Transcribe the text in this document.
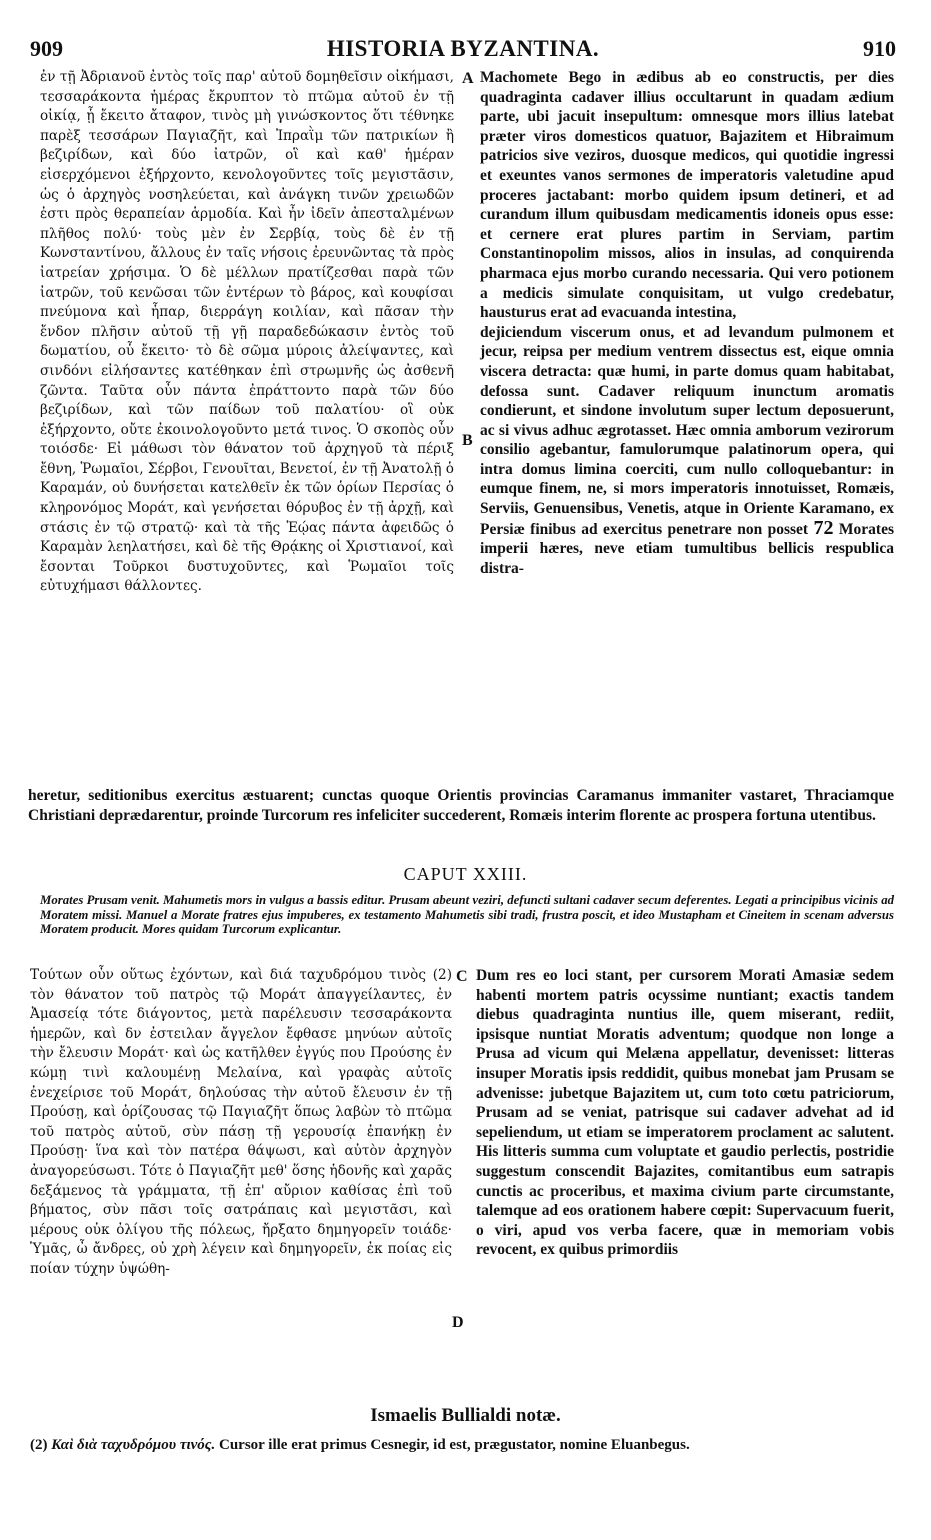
909	HISTORIA BYZANTINA.	910

ἐν τῇ Ἀδριανοῦ ἐντὸς τοῖς παρ' αὐτοῦ δομηθεῖσιν οἰκήμασι, τεσσαράκοντα ἡμέρας ἔκρυπτον τὸ πτῶμα αὐτοῦ ἐν τῇ οἰκίᾳ, ᾗ ἔκειτο ἄταφον, τινὸς μὴ γινώσκοντος ὅτι τέθνηκε παρὲξ τεσσάρων Παγιαζῆτ, καὶ Ἰπραῒμ τῶν πατρικίων ἢ βεζιρίδων, καὶ δύο ἰατρῶν, οἳ καὶ καθ' ἡμέραν εἰσερχόμενοι ἐξήρχοντο, κενολογοῦντες τοῖς μεγιστᾶσιν, ὡς ὁ ἀρχηγὸς νοσηλεύεται, καὶ ἀνάγκη τινῶν χρειωδῶν ἐστι πρὸς θεραπείαν ἁρμοδία. Καὶ ἦν ἰδεῖν ἀπεσταλμένων πλῆθος πολύ· τοὺς μὲν ἐν Σερβίᾳ, τοὺς δὲ ἐν τῇ Κωνσταντίνου, ἄλλους ἐν ταῖς νήσοις ἐρευνῶντας τὰ πρὸς ἰατρείαν χρήσιμα. Ὁ δὲ μέλλων πρατίζεσθαι παρὰ τῶν ἰατρῶν, τοῦ κενῶσαι τῶν ἐντέρων τὸ βάρος, καὶ κουφίσαι πνεύμονα καὶ ἧπαρ, διερράγη κοιλίαν, καὶ πᾶσαν τὴν ἔνδον πλῆσιν αὐτοῦ τῇ γῇ παραδεδώκασιν ἐντὸς τοῦ δωματίου, οὗ ἔκειτο· τὸ δὲ σῶμα μύροις ἀλείψαντες, καὶ σινδόνι εἱλήσαντες κατέθηκαν ἐπὶ στρωμνῆς ὡς ἀσθενῆ ζῶντα. Ταῦτα οὖν πάντα ἐπράττοντο παρὰ τῶν δύο βεζιρίδων, καὶ τῶν παίδων τοῦ παλατίου· οἳ οὐκ ἐξήρχοντο, οὔτε ἐκοινολογοῦντο μετά τινος. Ὁ σκοπὸς οὖν τοιόσδε· Εἰ μάθωσι τὸν θάνατον τοῦ ἀρχηγοῦ τὰ πέριξ ἔθνη, Ῥωμαῖοι, Σέρβοι, Γενουῖται, Βενετοί, ἐν τῇ Ἀνατολῇ ὁ Καραμάν, οὐ δυνήσεται κατελθεῖν ἐκ τῶν ὁρίων Περσίας ὁ κληρονόμος Μοράτ, καὶ γενήσεται θόρυβος ἐν τῇ ἀρχῇ, καὶ στάσις ἐν τῷ στρατῷ· καὶ τὰ τῆς Ἑῴας πάντα ἀφειδῶς ὁ Καραμὰν λεηλατήσει, καὶ δὲ τῆς Θρᾴκης οἱ Χριστιανοί, καὶ ἔσονται Τοῦρκοι δυστυχοῦντες, καὶ Ῥωμαῖοι τοῖς εὐτυχήμασι θάλλοντες.

A
B

Machomete Bego in ædibus ab eo constructis, per dies quadraginta cadaver illius occultarunt in quadam ædium parte, ubi jacuit insepultum: omnesque mors illius latebat præter viros domesticos quatuor, Bajazitem et Hibraimum patricios sive veziros, duosque medicos, qui quotidie ingressi et exeuntes vanos sermones de imperatoris valetudine apud proceres jactabant: morbo quidem ipsum detineri, et ad curandum illum quibusdam medicamentis idoneis opus esse: et cernere erat plures partim in Serviam, partim Constantinopolim missos, alios in insulas, ad conquirenda pharmaca ejus morbo curando necessaria. Qui vero potionem a medicis simulate conquisitam, ut vulgo credebatur, hausturus erat ad evacuanda intestina,

dejiciendum viscerum onus, et ad levandum pulmonem et jecur, reipsa per medium ventrem dissectus est, eique omnia viscera detracta: quæ humi, in parte domus quam habitabat, defossa sunt. Cadaver reliquum inunctum aromatis condierunt, et sindone involutum super lectum deposuerunt, ac si vivus adhuc ægrotasset. Hæc omnia amborum vezirorum consilio agebantur, famulorumque palatinorum opera, qui intra domus limina coerciti, cum nullo colloquebantur: in eumque finem, ne, si mors imperatoris innotuisset, Romæis, Serviis, Genuensibus, Venetis, atque in Oriente Karamano, ex Persiæ finibus ad exercitus penetrare non posset 72 Morates imperii hæres, neve etiam tumultibus bellicis respublica distra-

heretur, seditionibus exercitus æstuarent; cunctas quoque Orientis provincias Caramanus immaniter vastaret, Thraciamque Christiani deprædarentur, proinde Turcorum res infeliciter succederent, Romæis interim florente ac prospera fortuna utentibus.
CAPUT XXIII.
Morates Prusam venit. Mahumetis mors in vulgus a bassis editur. Prusam abeunt veziri, defuncti sultani cadaver secum deferentes. Legati a principibus vicinis ad Moratem missi. Manuel a Morate fratres ejus impuberes, ex testamento Mahumetis sibi tradi, frustra poscit, et ideo Mustapham et Cineitem in scenam adversus Moratem producit. Mores quidam Turcorum explicantur.

Τούτων οὖν οὕτως ἐχόντων, καὶ διά ταχυδρόμου τινὸς (2) τὸν θάνατον τοῦ πατρὸς τῷ Μοράτ ἀπαγγείλαντες, ἐν Ἀμασείᾳ τότε διάγοντος, μετὰ παρέλευσιν τεσσαράκοντα ἡμερῶν, καὶ δν ἐστειλαν ἄγγελον ἔφθασε μηνύων αὐτοῖς τὴν ἔλευσιν Μοράτ· καὶ ὡς κατῆλθεν ἐγγύς που Προύσης ἐν κώμῃ τινὶ καλουμένῃ Μελαίνα, καὶ γραφὰς αὐτοῖς ἐνεχείρισε τοῦ Μοράτ, δηλούσας τὴν αὐτοῦ ἔλευσιν ἐν τῇ Προύσῃ, καὶ ὁρίζουσας τῷ Παγιαζῆτ ὅπως λαβὼν τὸ πτῶμα τοῦ πατρὸς αὐτοῦ, σὺν πάσῃ τῇ γερουσίᾳ ἐπανήκῃ ἐν Προύσῃ· ἵνα καὶ τὸν πατέρα θάψωσι, καὶ αὐτὸν ἀρχηγὸν ἀναγορεύσωσι. Τότε ὁ Παγιαζῆτ μεθ' ὅσης ἡδονῆς καὶ χαρᾶς δεξάμενος τὰ γράμματα, τῇ ἐπ' αὔριον καθίσας ἐπὶ τοῦ βήματος, σὺν πᾶσι τοῖς σατράπαις καὶ μεγιστᾶσι, καὶ μέρους οὐκ ὀλίγου τῆς πόλεως, ἤρξατο δημηγορεῖν τοιάδε· Ὑμᾶς, ὦ ἄνδρες, οὐ χρὴ λέγειν καὶ δημηγορεῖν, ἐκ ποίας εἰς ποίαν τύχην ὑψώθη-

C
D

Dum res eo loci stant, per cursorem Morati Amasiæ sedem habenti mortem patris ocyssime nuntiant; exactis tandem diebus quadraginta nuntius ille, quem miserant, rediit, ipsisque nuntiat Moratis adventum; quodque non longe a Prusa ad vicum qui Melæna appellatur, devenisset: litteras insuper Moratis ipsis reddidit, quibus monebat jam Prusam se advenisse: jubetque Bajazitem ut, cum toto cœtu patriciorum, Prusam ad se veniat, patrisque sui cadaver advehat ad id sepeliendum, ut etiam se imperatorem proclament ac salutent. His litteris summa cum voluptate et gaudio perlectis, postridie suggestum conscendit Bajazites, comitantibus eum satrapis cunctis ac proceribus, et maxima civium parte circumstante, talemque ad eos orationem habere cœpit: Supervacuum fuerit, o viri, apud vos verba facere, quæ in memoriam vobis revocent, ex quibus primordiis

Ismaelis Bullialdi notæ.
(2) Καὶ διὰ ταχυδρόμου τινός. Cursor ille erat primus Cesnegir, id est, prægustator, nomine Eluanbegus.
